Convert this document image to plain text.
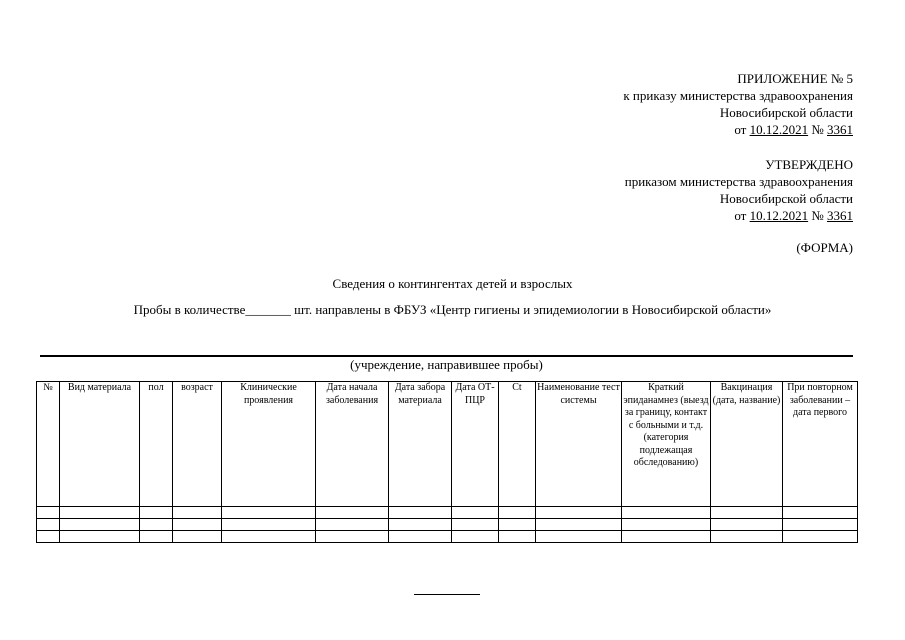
ПРИЛОЖЕНИЕ № 5
к приказу министерства здравоохранения
Новосибирской области
от 10.12.2021 № 3361
УТВЕРЖДЕНО
приказом министерства здравоохранения
Новосибирской области
от 10.12.2021 № 3361
(ФОРМА)
Сведения о контингентах детей и взрослых
Пробы в количестве_______ шт. направлены в ФБУЗ «Центр гигиены и эпидемиологии в Новосибирской области»
(учреждение, направившее пробы)
№	Вид материала	пол	возраст	Клинические проявления	Дата начала заболевания	Дата забора материала	Дата ОТ-ПЦР	Ct	Наименование тест системы	Краткий эпиданамнез (выезд за границу, контакт с больными и т.д. (категория подлежащая обследованию)	Вакцинация (дата, название)	При повторном заболевании – дата первого
